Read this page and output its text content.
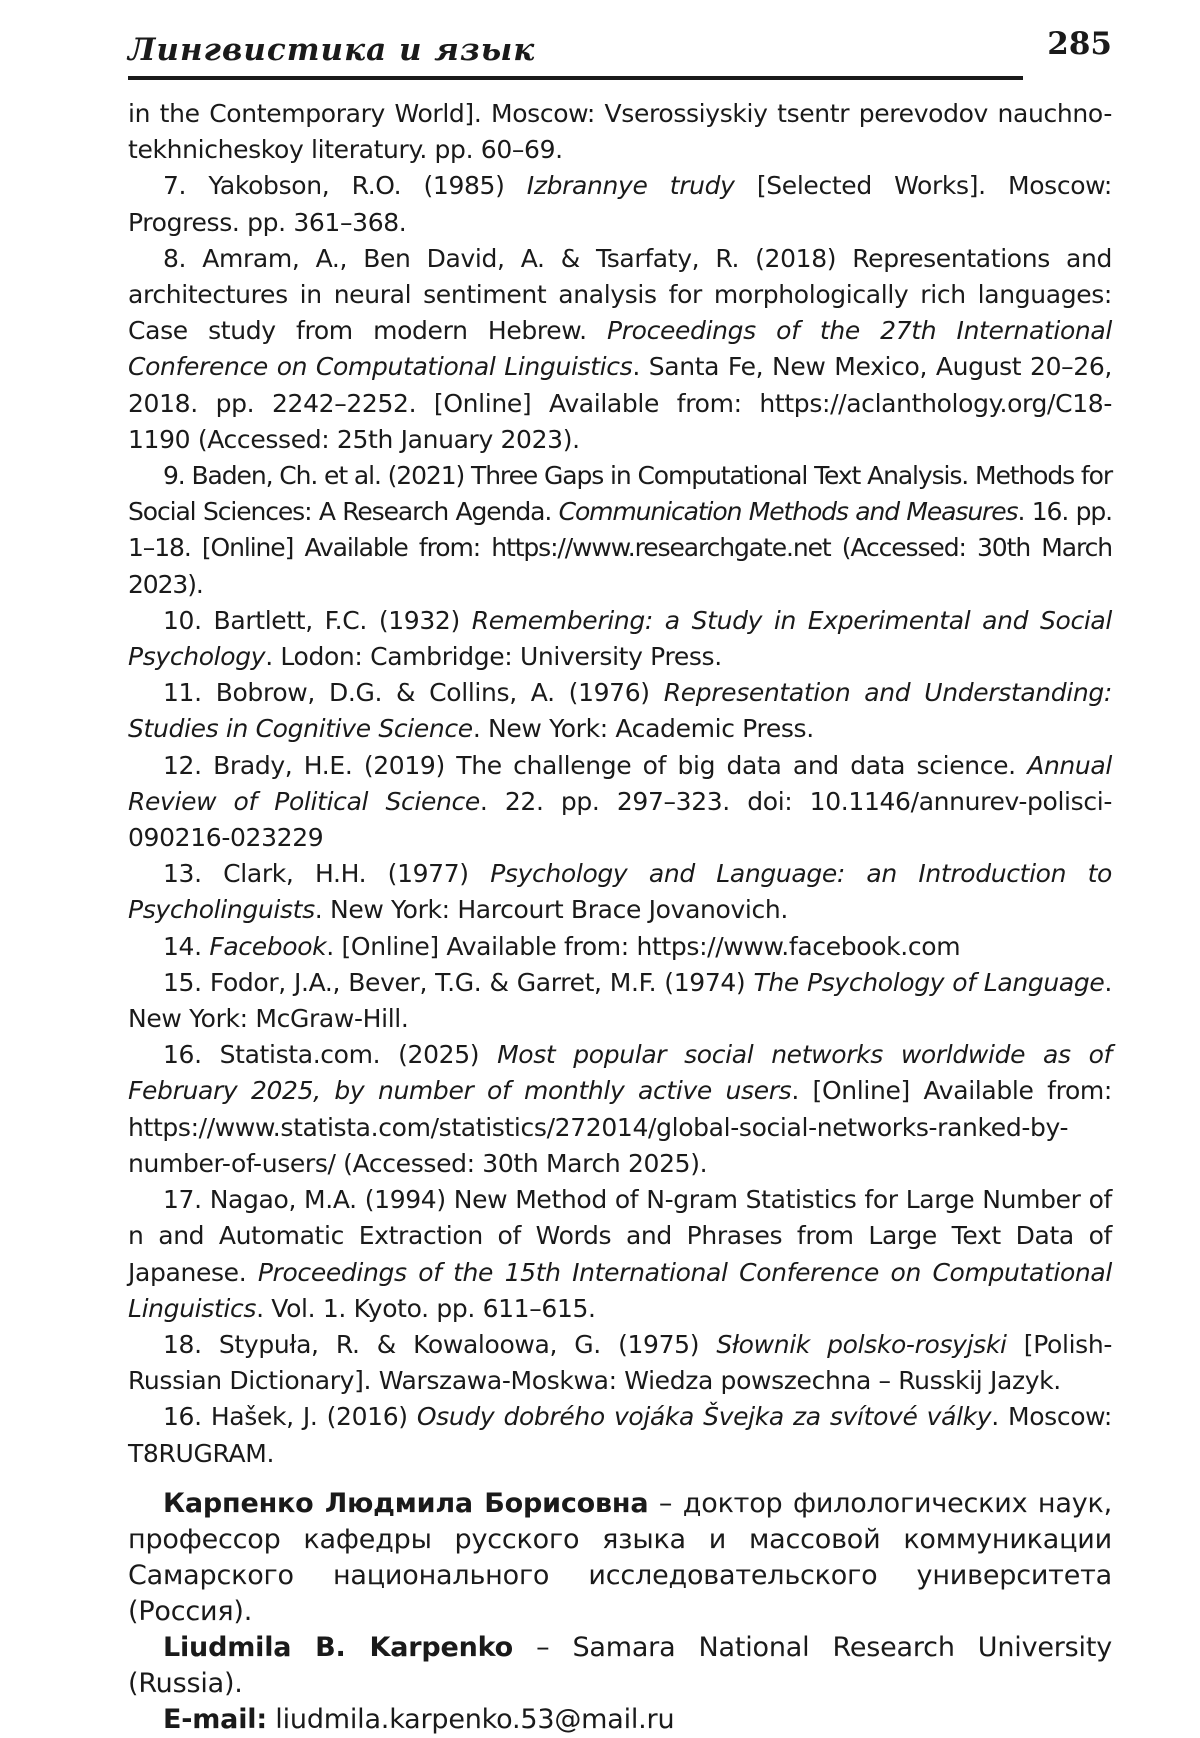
Лингвистика и язык	285

in the Contemporary World]. Moscow: Vserossiyskiy tsentr perevodov nauchno-tekhnicheskoy literatury. pp. 60–69.

7. Yakobson, R.O. (1985) Izbrannye trudy [Selected Works]. Moscow: Progress. pp. 361–368.

8. Amram, A., Ben David, A. & Tsarfaty, R. (2018) Representations and architectures in neural sentiment analysis for morphologically rich languages: Case study from modern Hebrew. Proceedings of the 27th International Conference on Computational Linguistics. Santa Fe, New Mexico, August 20–26, 2018. pp. 2242–2252. [Online] Available from: https://aclanthology.org/C18-1190 (Accessed: 25th January 2023).

9. Baden, Ch. et al. (2021) Three Gaps in Computational Text Analysis. Methods for Social Sciences: A Research Agenda. Communication Methods and Measures. 16. pp. 1–18. [Online] Available from: https://www.researchgate.net (Accessed: 30th March 2023).

10. Bartlett, F.C. (1932) Remembering: a Study in Experimental and Social Psychology. Lodon: Cambridge: University Press.

11. Bobrow, D.G. & Collins, A. (1976) Representation and Understanding: Studies in Cognitive Science. New York: Academic Press.

12. Brady, H.E. (2019) The challenge of big data and data science. Annual Review of Political Science. 22. pp. 297–323. doi: 10.1146/annurev-polisci-090216-023229

13. Clark, H.H. (1977) Psychology and Language: an Introduction to Psycholinguists. New York: Harcourt Brace Jovanovich.

14. Facebook. [Online] Available from: https://www.facebook.com

15. Fodor, J.A., Bever, T.G. & Garret, M.F. (1974) The Psychology of Language. New York: McGraw-Hill.

16. Statista.com. (2025) Most popular social networks worldwide as of February 2025, by number of monthly active users. [Online] Available from: https://www.statista.com/statistics/272014/global-social-networks-ranked-by-number-of-users/ (Accessed: 30th March 2025).

17. Nagao, M.A. (1994) New Method of N-gram Statistics for Large Number of n and Automatic Extraction of Words and Phrases from Large Text Data of Japanese. Proceedings of the 15th International Conference on Computational Linguistics. Vol. 1. Kyoto. pp. 611–615.

18. Stypuła, R. & Kowaloowa, G. (1975) Słownik polsko-rosyjski [Polish-Russian Dictionary]. Warszawa-Moskwa: Wiedza powszechna – Russkij Jazyk.

16. Hašek, J. (2016) Osudy dobrého vojáka Švejka za svítové války. Moscow: T8RUGRAM.

Карпенко Людмила Борисовна – доктор филологических наук, профессор кафедры русского языка и массовой коммуникации Самарского национального исследовательского университета (Россия).

Liudmila B. Karpenko – Samara National Research University (Russia).

E-mail: liudmila.karpenko.53@mail.ru
